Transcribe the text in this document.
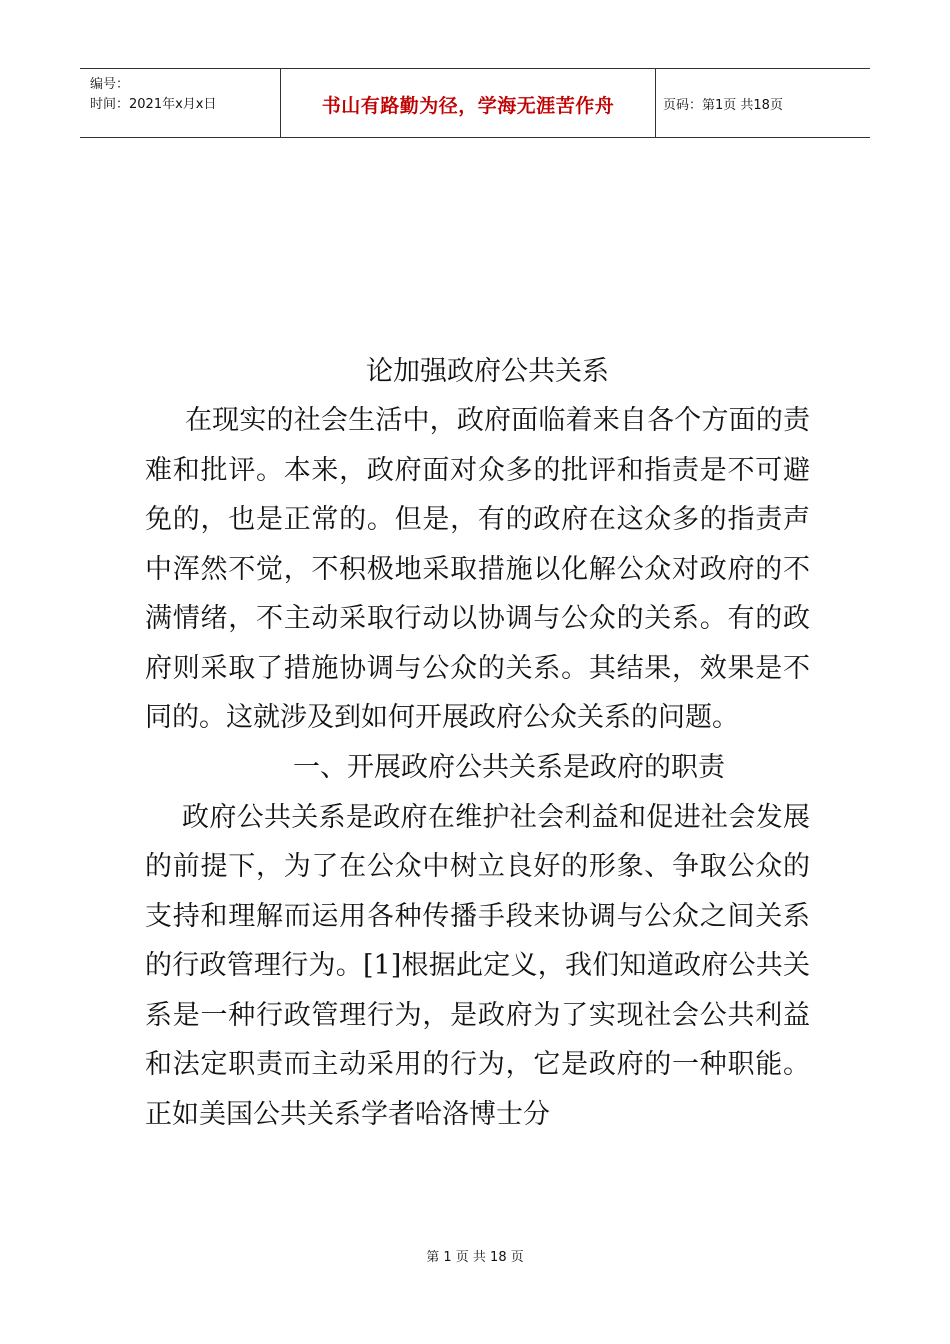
编号：
时间：2021年x月x日	书山有路勤为径，学海无涯苦作舟	页码：第1页 共18页

论加强政府公共关系

在现实的社会生活中，政府面临着来自各个方面的责难和批评。本来，政府面对众多的批评和指责是不可避免的，也是正常的。但是，有的政府在这众多的指责声中浑然不觉，不积极地采取措施以化解公众对政府的不满情绪，不主动采取行动以协调与公众的关系。有的政府则采取了措施协调与公众的关系。其结果，效果是不同的。这就涉及到如何开展政府公众关系的问题。

一、开展政府公共关系是政府的职责

政府公共关系是政府在维护社会利益和促进社会发展的前提下，为了在公众中树立良好的形象、争取公众的支持和理解而运用各种传播手段来协调与公众之间关系的行政管理行为。[1]根据此定义，我们知道政府公共关系是一种行政管理行为，是政府为了实现社会公共利益和法定职责而主动采用的行为，它是政府的一种职能。正如美国公共关系学者哈洛博士分

第 1 页 共 18 页
